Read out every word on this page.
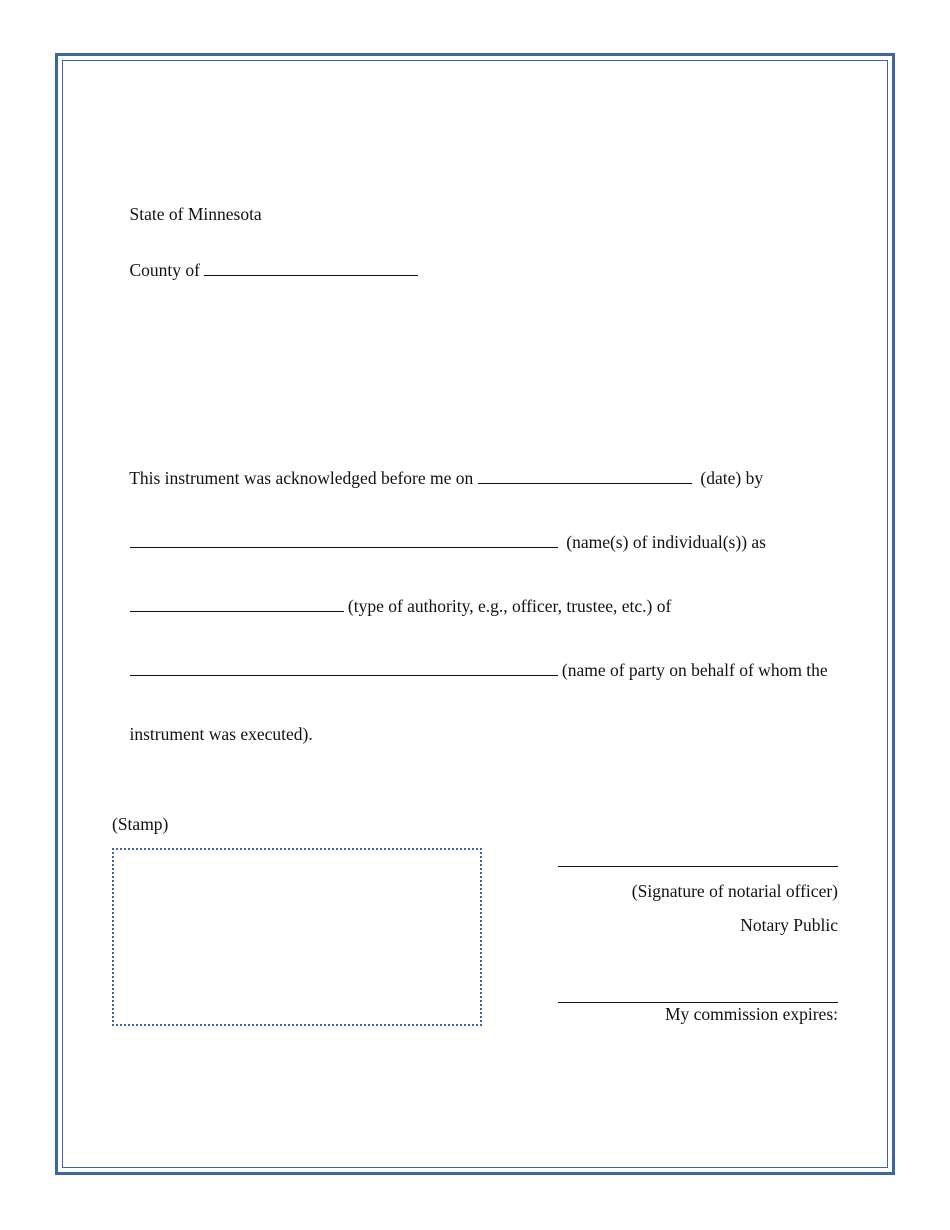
State of Minnesota

County of

This instrument was acknowledged before me on	(date) by

(name(s) of individual(s)) as

(type of authority, e.g., officer, trustee, etc.) of

(name of party on behalf of whom the

instrument was executed).

(Stamp)
(Signature of notarial officer)
Notary Public
My commission expires:
